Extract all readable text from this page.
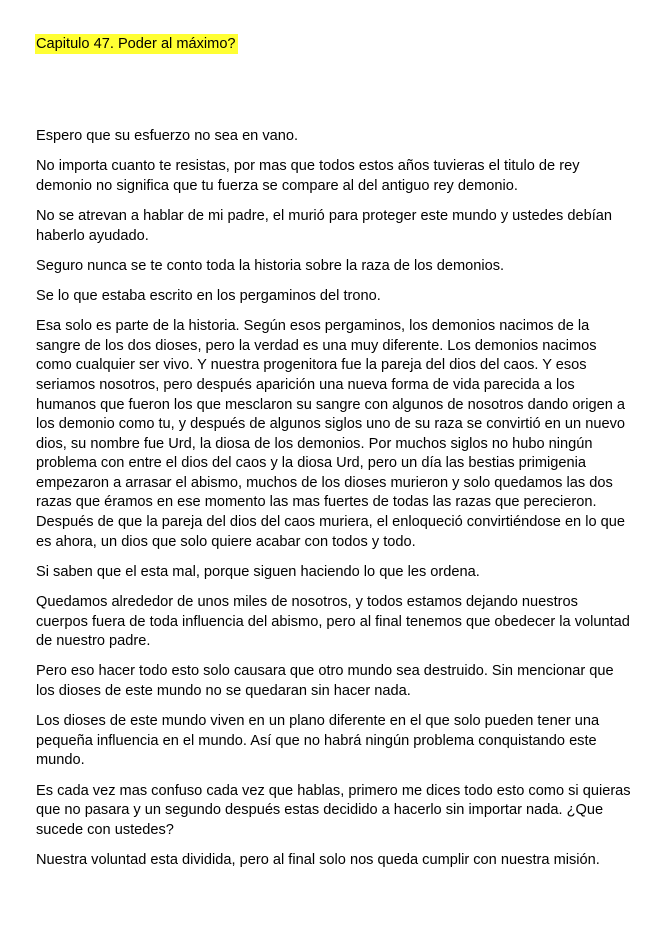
Capitulo 47. Poder al máximo?

Espero que su esfuerzo no sea en vano.

No importa cuanto te resistas, por mas que todos estos años tuvieras el titulo de rey demonio no significa que tu fuerza se compare al del antiguo rey demonio.

No se atrevan a hablar de mi padre, el murió para proteger este mundo y ustedes debían haberlo ayudado.

Seguro nunca se te conto toda la historia sobre la raza de los demonios.

Se lo que estaba escrito en los pergaminos del trono.

Esa solo es parte de la historia. Según esos pergaminos, los demonios nacimos de la sangre de los dos dioses, pero la verdad es una muy diferente. Los demonios nacimos como cualquier ser vivo. Y nuestra progenitora fue la pareja del dios del caos. Y esos seriamos nosotros, pero después aparición una nueva forma de vida parecida a los humanos que fueron los que mesclaron su sangre con algunos de nosotros dando origen a los demonio como tu, y después de algunos siglos uno de su raza se convirtió en un nuevo dios, su nombre fue Urd, la diosa de los demonios. Por muchos siglos no hubo ningún problema con entre el dios del caos y la diosa Urd, pero un día las bestias primigenia empezaron a arrasar el abismo, muchos de los dioses murieron y solo quedamos las dos razas que éramos en ese momento las mas fuertes de todas las razas que perecieron. Después de que la pareja del dios del caos muriera, el enloqueció convirtiéndose en lo que es ahora, un dios que solo quiere acabar con todos y todo.

Si saben que el esta mal, porque siguen haciendo lo que les ordena.

Quedamos alrededor de unos miles de nosotros, y todos estamos dejando nuestros cuerpos fuera de toda influencia del abismo, pero al final tenemos que obedecer la voluntad de nuestro padre.

Pero eso hacer todo esto solo causara que otro mundo sea destruido. Sin mencionar que los dioses de este mundo no se quedaran sin hacer nada.

Los dioses de este mundo viven en un plano diferente en el que solo pueden tener una pequeña influencia en el mundo. Así que no habrá ningún problema conquistando este mundo.

Es cada vez mas confuso cada vez que hablas, primero me dices todo esto como si quieras que no pasara y un segundo después estas decidido a hacerlo sin importar nada. ¿Que sucede con ustedes?

Nuestra voluntad esta dividida, pero al final solo nos queda cumplir con nuestra misión.
